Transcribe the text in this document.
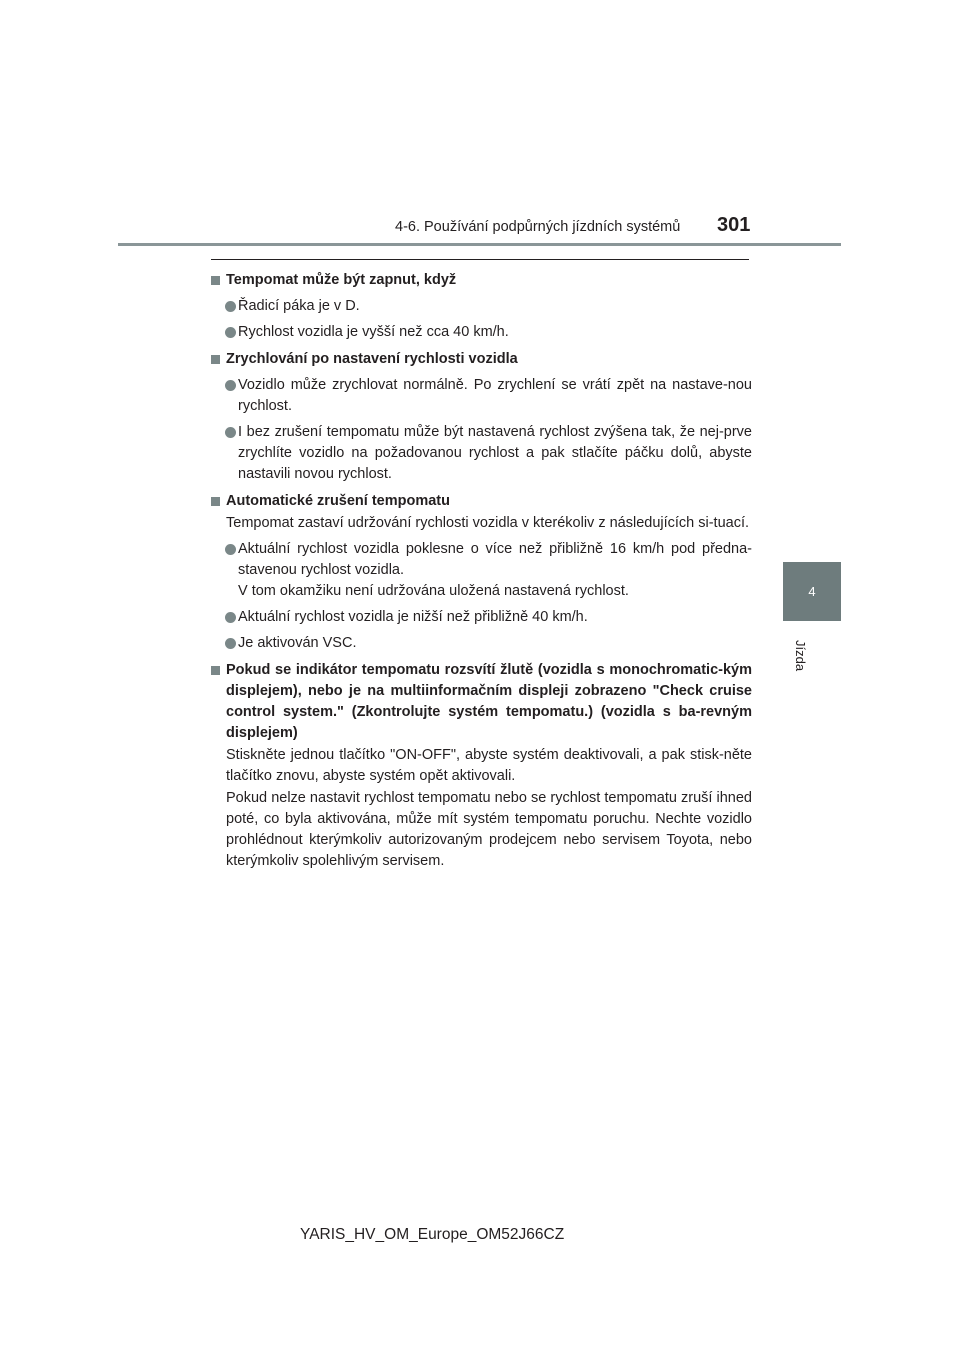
4-6. Používání podpůrných jízdních systémů 301
4
Jízda
Tempomat může být zapnut, když
Řadicí páka je v D.
Rychlost vozidla je vyšší než cca 40 km/h.
Zrychlování po nastavení rychlosti vozidla
Vozidlo může zrychlovat normálně. Po zrychlení se vrátí zpět na nastave-nou rychlost.
I bez zrušení tempomatu může být nastavená rychlost zvýšena tak, že nej-prve zrychlíte vozidlo na požadovanou rychlost a pak stlačíte páčku dolů, abyste nastavili novou rychlost.
Automatické zrušení tempomatu
Tempomat zastaví udržování rychlosti vozidla v kterékoliv z následujících si-tuací.
Aktuální rychlost vozidla poklesne o více než přibližně 16 km/h pod předna-stavenou rychlost vozidla.
V tom okamžiku není udržována uložená nastavená rychlost.
Aktuální rychlost vozidla je nižší než přibližně 40 km/h.
Je aktivován VSC.
Pokud se indikátor tempomatu rozsvítí žlutě (vozidla s monochromatic-kým displejem), nebo je na multiinformačním displeji zobrazeno "Check cruise control system." (Zkontrolujte systém tempomatu.) (vozidla s ba-revným displejem)
Stiskněte jednou tlačítko "ON-OFF", abyste systém deaktivovali, a pak stisk-něte tlačítko znovu, abyste systém opět aktivovali.
Pokud nelze nastavit rychlost tempomatu nebo se rychlost tempomatu zruší ihned poté, co byla aktivována, může mít systém tempomatu poruchu. Nechte vozidlo prohlédnout kterýmkoliv autorizovaným prodejcem nebo servisem Toyota, nebo kterýmkoliv spolehlivým servisem.
YARIS_HV_OM_Europe_OM52J66CZ
